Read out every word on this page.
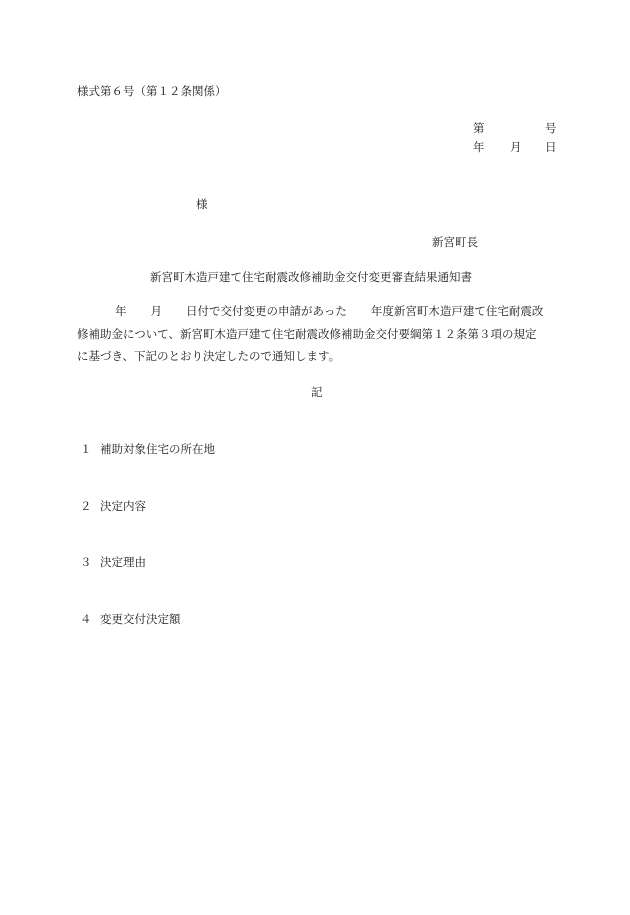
様式第６号（第１２条関係）
第	号
年 月 日
様
新宮町長
新宮町木造戸建て住宅耐震改修補助金交付変更審査結果通知書
年 月 日付で交付変更の申請があった 年度新宮町木造戸建て住宅耐震改
修補助金について、新宮町木造戸建て住宅耐震改修補助金交付要綱第１２条第３項の規定
に基づき、下記のとおり決定したので通知します。
記
１ 補助対象住宅の所在地
２ 決定内容
３ 決定理由
４ 変更交付決定額
